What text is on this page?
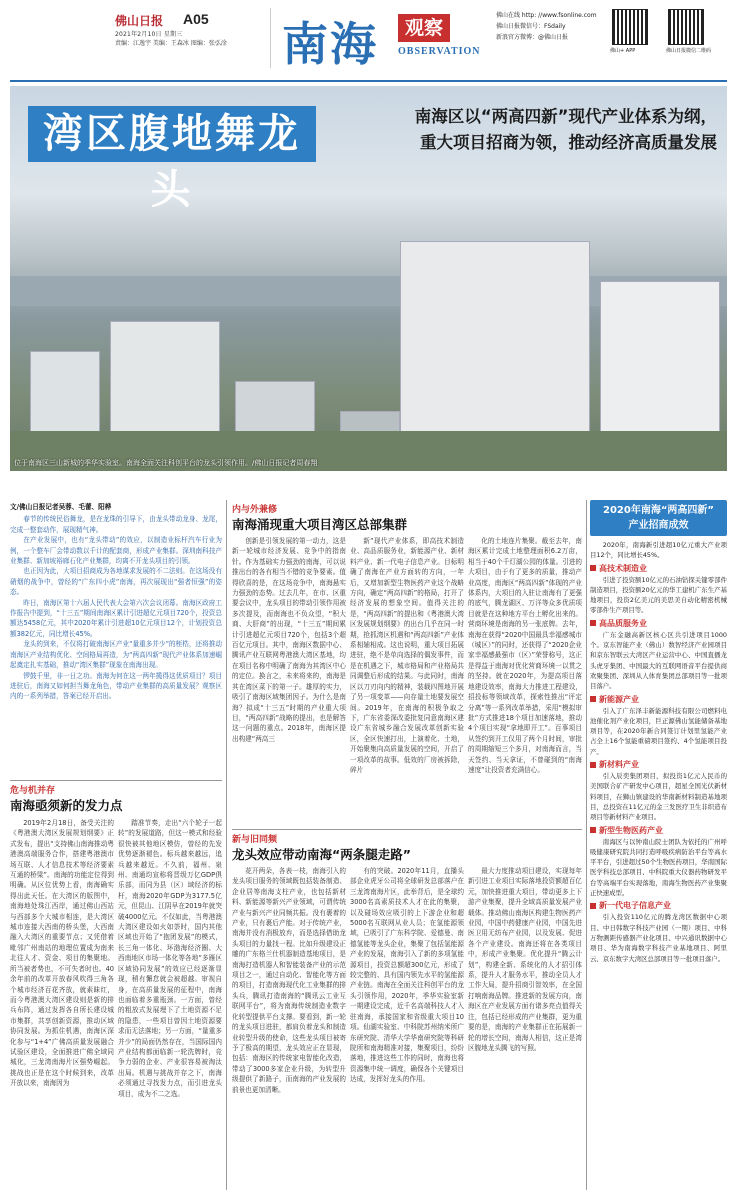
佛山日报 A05
2021年2月10日 星期三
责编：江逸宇 美编：王森冰 图编：张弘淦 南海	观察
OBSERVATION
佛山在线 http: //www.fsonline.com
佛山日报微信号：FSdaily
新浪官方微博：@佛山日报
佛山+ APP	佛山日报微信二维码
湾区腹地舞龙头
南海区以“两高四新”现代产业体系为纲，
重大项目招商为领，推动经济高质量发展
位于南海区三山新城的季华实验室。南海全面关注科创平台的龙头引领作用。/佛山日报记者周春翔
文/佛山日报记者吴蓉、毛蕾、阳桦

春节的传统民俗舞龙，是在龙珠的引导下，由龙头带动龙身、龙尾，完成一整套动作，展现精气神。

在产业发展中，也有“龙头带动”的效应，以制造业标杆汽车行业为例，一个整车厂会带动数以千计的配套商，形成产业集群。深圳南科技产业集群、新加坡裕廊石化产业集群，均离不开龙头项目的引领。

也正因为此，大项目招商成为各地谋求发展的不二法则。在这场没有硝烟的战争中，曾经的“广东四小虎”南海，再次展现出“强者恒强”的姿态。

昨日，南海区第十六届人民代表大会第六次会议闭幕。南海区政府工作报告中提到，“十三五”期间南海区累计引进超亿元项目720个，投资总额达5458亿元，其中2020年累计引进超10亿元项目12个，计划投资总额382亿元，同比增长45%。

龙头的到来，不仅将打破南海区产业“量重多并少”的桎梏，还将推动南海区产业结构优化、空间格局再造，为“两高四新”现代产业体系加速崛起奠定扎实基础，推动“湾区集群”现象在南海出现。

锣鼓千里，非一日之功。南海为何在这一两年揽得这优质项目？项目进驻后，南海又如何担当舞龙角色，带动产业集群的高质量发展？观察区内的一系列举措，答案已经开启出。

危与机并存
南海亟须新的发力点

2019年2月18日，备受关注的《粤港澳大湾区发展规划纲要》正式发布，提出“支持佛山南海推动粤港澳高端服务合作，搭建粤港澳市场互联、人才信息技术等经济要素互通的桥梁”。南海的功能定位得到明确。从区位优势上看，南海确实得出此天任。在大湾区的版图中，南海地处珠江西岸，通过佛山西站与西部多个大城市相连，是大湾区城市连接大西南的桥头堡，大西南融入大湾区的重要节点；又凭借着毗邻广州南站的地理位置成为南来北往人才、资金、项目的集聚地。所当被者势也，不可失者时也。40余年前的改革开放春风吹得三角各个城市经济百花齐放，就素昧红，而今粤港澳大湾区建设则是新的排兵布阵，通过发挥各自所长建设城市集群，共享创新资源，推动区域协同发展。为抓住机遇，南海区深化参与“1+4”广佛高质量发展融合试验区建设，全面推进广佛全域同城化，三龙湾南海片区强势崛起。挑战也正是在这个时候到来，改革开放以来，南海因为

踏准节奏，走出“六个轮子一起转”的发展道路，但这一模式和经验很快被其他地区模仿，曾经的先发优势逐渐褪色。标兵越来越远，追兵越来越近。不久前，福州、泉州、南通均宣称将晋级万亿GDP俱乐部，而同为县（区）域经济的标杆，南海2020年GDP为3177.5亿元，但昆山、江阴早在2019年就突破4000亿元。不仅如此，当粤港澳大湾区建设如火如荼时，国内其他区域也开始了“抱团发展”的模式，长三角一体化、环渤海经济圈、大西南地区市场一体化等各地“多雁区区域协同发展”的效应已经逐渐显现，稍有懈怠就会被超越。审视自身，在高质量发展的征程中，南海也面临着多重瓶颈。一方面，曾经的粗放式发展埋下了土地资源不足的隐患，一些项目曾因土地资源要求而无法落地；另一方面，“量重多并少”的局面仍然存在，当国际国内产业结构都面临新一轮洗牌时，竞争力弱的企业、产业很容易被淘汰出局。机遇与挑战并存之下，南海必须通过寻找发力点，而引进龙头项目，成为不二之选。

内与外兼修
南海涌现重大项目湾区总部集群

创新是引领发展的第一动力，这是新一轮城市经济发展、竞争中的指南针。作为基础实力强劲的南海，可以说推出台的各有相当不错的竞争要素。值得欣喜的是，在这场竞争中，南海悬实力强劲的态势。过去几年，在市、区重要会议中，龙头项目的带动引领作用被多次提及，而南海也不负众望，“积大商、大肝商”的出现，“十三五”期间累计引进超亿元项目720个，包括3个超百亿元项目。其中，南海区数据中心、腾讯产业互联网粤港澳大湾区基地，均在项目名称中明确了南海为其湾区中心的定位。换言之，未来将来的，南海是其在湾区菜下的第一子。雄厚的实力，吸引了南海区域集团因子。为什么是南海？拟成“十三五”时期的产业重大项目，“两高四新”战略的提出，也是解答这一问题的重点。2018年，南海区提出构建“两高三

新”现代产业体系，即高技术制造业、高品质服务业，新能源产业、新材料产业、新一代电子信息产业。目标明确了南海在产业方面转的方向，一年后，又增加新型生物医药产业这个战略方向，确定“两高四新”的格局，打开了经济发展的想象空间。值得关注的是，“两高四新”的提出和《粤港澳大湾区发展规划纲要》的出台几乎在同一时期，抢抓湾区机遇和“两高四新”产业体系相辅相成。这也说明，重大项目拓展进驻，绝不是单向选择的偶发事件，而是在机遇之下，城市格局和产业格局共同调整后形成的结果。与此同时，南海区以刀刃向内的精神，装载四图地开展了另一项变革——向存量土地要发展空间。2019年，在南海的积极争取之下，广东省委深改委批复同意南海区建设广东省城乡融合发展改革创新实验区，全区快速打出，上演着化、土地，开始聚集向高质量发展的空间，开启了一项改革的故事。低效的厂房被拆除，碎片

化的土地连片集聚。截至去年，南海区累计完成土地整理面积6.2万亩，相当于40个千灯湖公园的体量。引进的大项目，由于有了更多的质量，推动产业高度，南海区“两高四新”体现的产业体系内，大项目的入驻让南海有了更强的底气，腾龙湖区、万洋等众多优质项目就是在这种地方平台上孵化出来的。营商环境是南海的另一张底牌。去年，南海在获得“2020中国最具幸福感城市（城区）”的同时，还获得了“2020企业家幸福感最强市（区）”荣誉称号，这正是得益于南海对优化营商环境一以贯之的坚持。就在2020年，为提高项目落地建设效率，南海大力推进工程建设，招投标等领域改革，探索性推出“评定分离”等一系列改革举措，采用“模拟审批”方式推进18个项目加速落地，推动4个项目实现“拿地即开工”。百事项目从签约到开工仅用了两个月时间，审批的周期缩短三个多月，对南海而言，当天签约、当天拿证，不曾碰到的“南海速度”让投资者充满信心。

新与旧同频
龙头效应带动南海“两条腿走路”

花开两朵，各表一枝，南海引入的龙头项目服务的领域既包括装备制造、企业居等南海支柱产业，也包括新材料、新能源等新兴产业领域，可谓传统产业与新兴产业同频共振。没有裹着的产业，只有裹后产能。对于传统产业，南海并没有消极放弃，而是选择借助龙头项目的力量找一程。比如升级建设正雕的广东格兰仕机器制造基地项目，是南海打造机器人和智能装备产业的示范项目之一，通过自动化、智能化等方面的项目，打造南海现代化工业集群的排头兵，腾讯打造南海的“腾讯云工业互联网平台”，将为南海传统制造业数字化转型提供平台支撑。要看到，新一轮的龙头项目进驻，都肩负着龙头和制造业转型升级的使命，这些龙头项目被寄予了极高的期望，龙头效应正在显现，包括：南海区的传统家电智能化改造，带动了3000多家企业升级，为转型升级提供了新路子，而南海的产业发展的前景也更加清晰。

有的突破。2020年11月，直播头部企业虎牙公司将全球研发总部落户在三龙湾南海片区，此举背后，是全球约3000名高素质技术人才在此的集聚，以及碰场效应吸引的上下游企业和超5000名互联网从业人员；在氢能源领域，已吸引了广东科学院、爱德曼、南德氢能等龙头企业，集聚了包括氢能源产业的发展，南海引入了新的多项氢能源项目，投资总额超300亿元，形成了较完整的、具有国内领先水平的氢能源产业链。南海在全面关注科创平台的龙头引领作用，2020年，季华实验室新一期建设完成，近千名高端科技人才入驻南海，承接国家和省级重大项目10项。仙湖实验室、中科院苏州纳米所广东研究院、清华大学华南研究院等科研院所和南海精准对接，集聚项目，纷纷落地，推进这些工作的同时，南海也将资源集中统一调度，确保各个关键项目达成，发挥好龙头的作用。

最大力度推动项目建设，实现每年新引进工业项目实际落地投资额超百亿元，加快推进重大项目，带动更多上下游产业集聚，提升全域高质量发展产业载体。推动佛山南海区构建生物医药产业园，中国中药健康产业园，中国先进医卫用无纺布产业园，以及发展、促进各个产业建设。南海还将在各类项目中，形成产业集聚。优化提升“腾云计划”，构建全新、系统化的人才招引体系，提升人才服务水平，推动全员人才工作大局，提升招商引智效率，在全国打响南海品牌。推进新的发展方向，南海区在产业发展方面有诸多亮点值得关注，包括已经形成的产业集群，更为重要的是，南海的产业集群正在拓展新一轮的增长空间，南海人相信，这正是湾区腹地龙头腾飞的写照。

2020年南海“两高四新”
产业招商成效

2020年，南海新引进超10亿元重大产业项目12个，同比增长45%。

高技术制造业

引进了投资额10亿元的石油钻探关键零部件制造项目，投资额20亿元的华工建机广东生产基地项目，投资2亿美元的美思美自动化精密机械零部件生产项目等。

高品质服务业

广东金融高新区核心区共引进项目1000个。京东智能产业（佛山）数智经济产业园项目和京东智联云大湾区产业运营中心、中国直播龙头虎牙集团、中国最大的互联网语音平台提供商欢聚集团、深圳从人体育集团总部项目等一批项目落户。

新能源产业

引入了广东泽丰新能源科技有限公司燃料电池催化剂产业化项目，巨正源佛山氢能储备基地项目等，在2020年新合同签订计划里氢能产业占全上16个氢能重磅项目签约、4个氢能项目投产。

新材料产业

引入辰奕集团项目，拟投资1亿元人民币的美国联合矿产研发中心项目，超星全国光伏新材料项目，在狮山镇建设的华南新材料制造基地项目，总投资在11亿元的金三发医疗卫生非织造布项目等新材料产业项目。

新型生物医药产业

南海区与以钟南山院士团队为依托的广州呼吸健康研究院共同打造呼吸疾病防治平台等高水平平台，引进超过50个生物医药项目，华南国际医学科技总部项目、中科院重大仪器药物研发平台等高端平台实现落地，南海生物医药产业集聚正快速成型。

新一代电子信息产业

引入投资110亿元的腾龙湾区数据中心项目、中日韩数字科技产业园（一期）项目、中科万物测距传感器产业化项目、中兴通讯数据中心项目、华为南海数字科技产业基地项目、阿里云、京东数字大湾区总部项目等一批项目落户。
